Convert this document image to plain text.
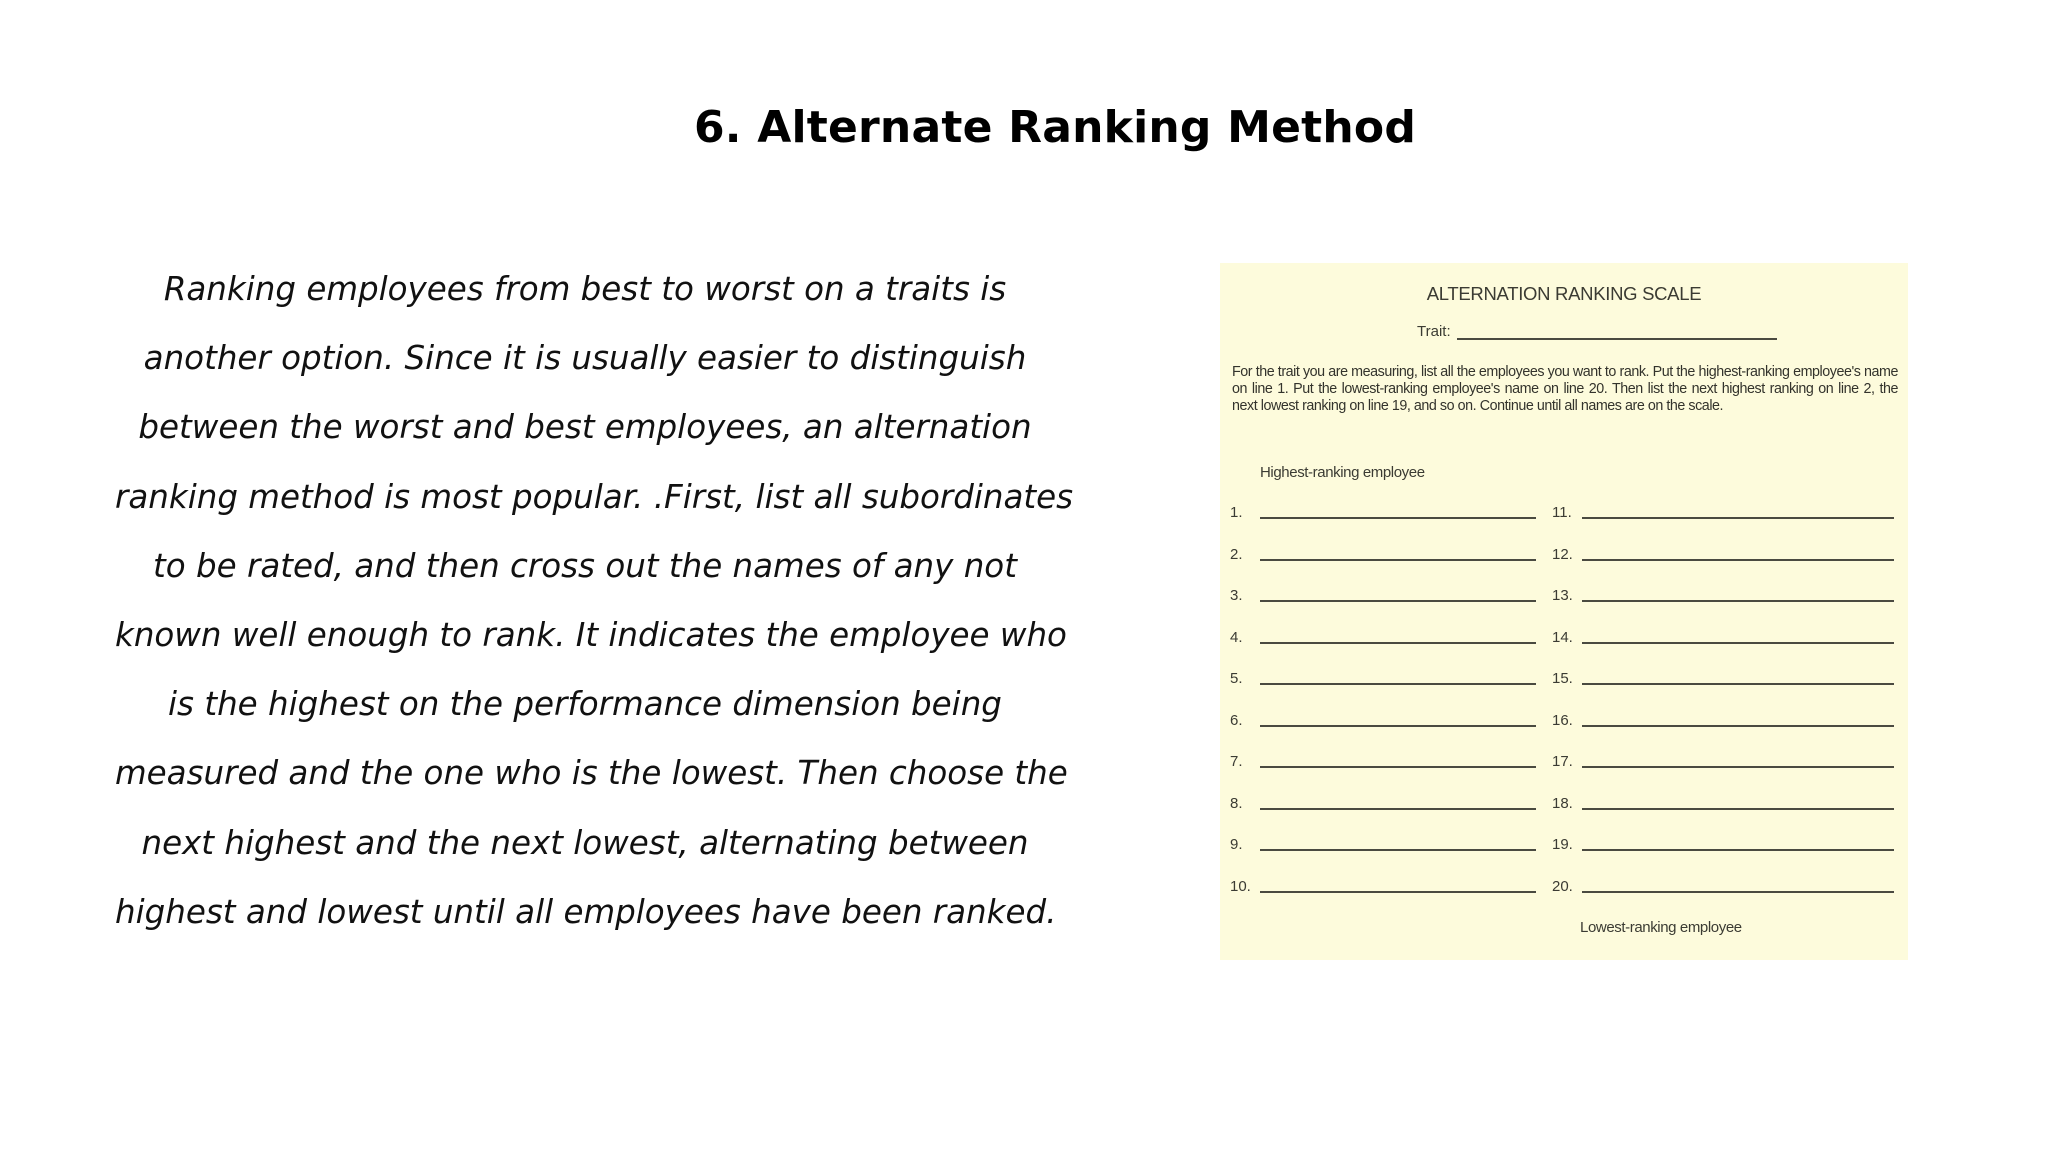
6. Alternate Ranking Method

Ranking employees from best to worst on a traits is
another option. Since it is usually easier to distinguish
between the worst and best employees, an alternation
ranking method is most popular. .First, list all subordinates
to be rated, and then cross out the names of any not
known well enough to rank. It indicates the employee who
is the highest on the performance dimension being
measured and the one who is the lowest. Then choose the
next highest and the next lowest, alternating between
highest and lowest until all employees have been ranked.

ALTERNATION RANKING SCALE
Trait:

For the trait you are measuring, list all the employees you want to rank. Put the highest-ranking employee's name on line 1. Put the lowest-ranking employee's name on line 20. Then list the next highest ranking on line 2, the next lowest ranking on line 19, and so on. Continue until all names are on the scale.

Highest-ranking employee
1.
2.
3.
4.
5.
6.
7.
8.
9.
10.
11.
12.
13.
14.
15.
16.
17.
18.
19.
20.
Lowest-ranking employee
